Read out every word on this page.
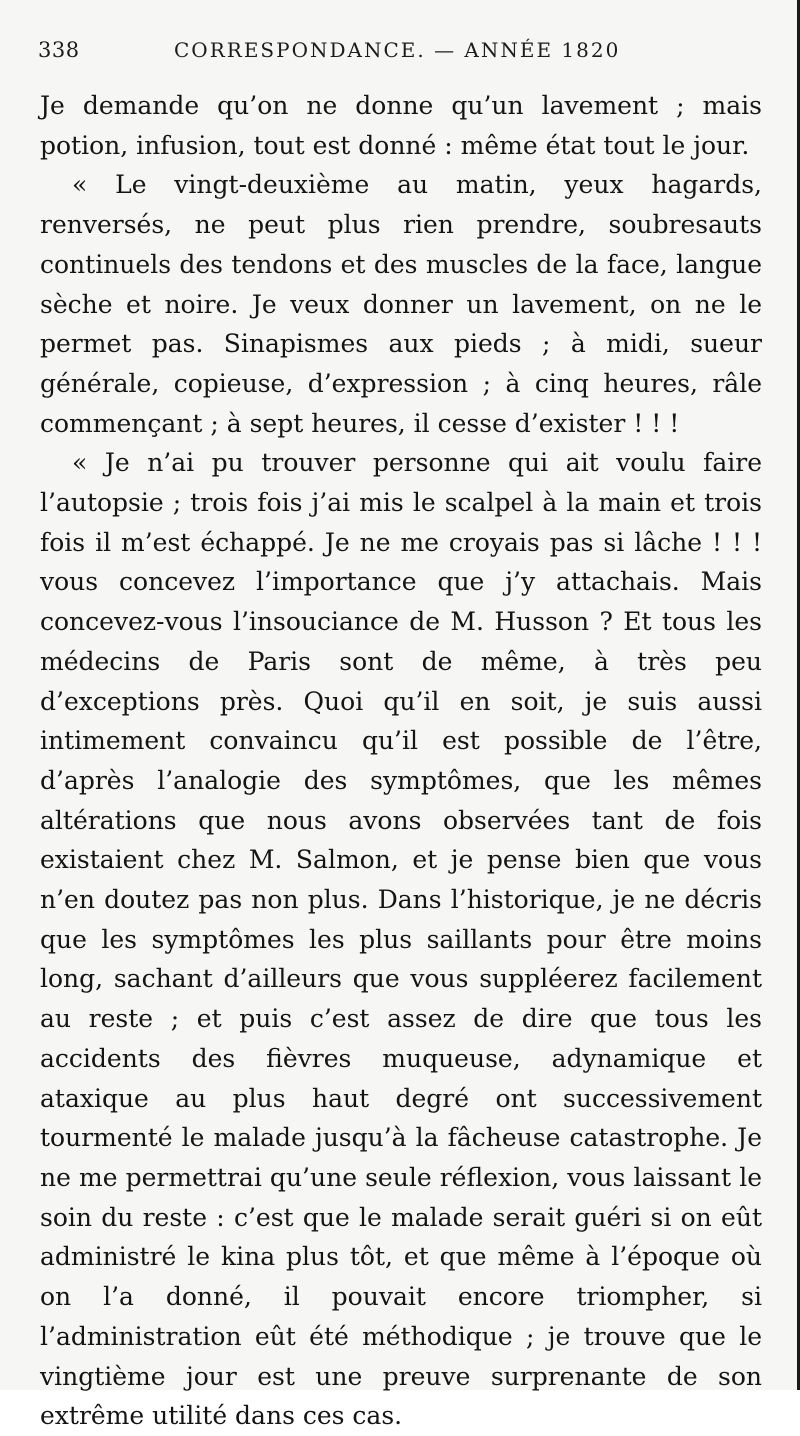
338	CORRESPONDANCE. — ANNÉE 1820

Je demande qu’on ne donne qu’un lavement ; mais potion, infusion, tout est donné : même état tout le jour.

« Le vingt-deuxième au matin, yeux hagards, renversés, ne peut plus rien prendre, soubresauts continuels des tendons et des muscles de la face, langue sèche et noire. Je veux donner un lavement, on ne le permet pas. Sinapismes aux pieds ; à midi, sueur générale, copieuse, d’expression ; à cinq heures, râle commençant ; à sept heures, il cesse d’exister ! ! !

« Je n’ai pu trouver personne qui ait voulu faire l’autopsie ; trois fois j’ai mis le scalpel à la main et trois fois il m’est échappé. Je ne me croyais pas si lâche ! ! ! vous concevez l’importance que j’y attachais. Mais concevez-vous l’insouciance de M. Husson ? Et tous les médecins de Paris sont de même, à très peu d’exceptions près. Quoi qu’il en soit, je suis aussi intimement convaincu qu’il est possible de l’être, d’après l’analogie des symptômes, que les mêmes altérations que nous avons observées tant de fois existaient chez M. Salmon, et je pense bien que vous n’en doutez pas non plus. Dans l’historique, je ne décris que les symptômes les plus saillants pour être moins long, sachant d’ailleurs que vous suppléerez facilement au reste ; et puis c’est assez de dire que tous les accidents des fièvres muqueuse, adynamique et ataxique au plus haut degré ont successivement tourmenté le malade jusqu’à la fâcheuse catastrophe. Je ne me permettrai qu’une seule réflexion, vous laissant le soin du reste : c’est que le malade serait guéri si on eût administré le kina plus tôt, et que même à l’époque où on l’a donné, il pouvait encore triompher, si l’administration eût été méthodique ; je trouve que le vingtième jour est une preuve surprenante de son extrême utilité dans ces cas.
